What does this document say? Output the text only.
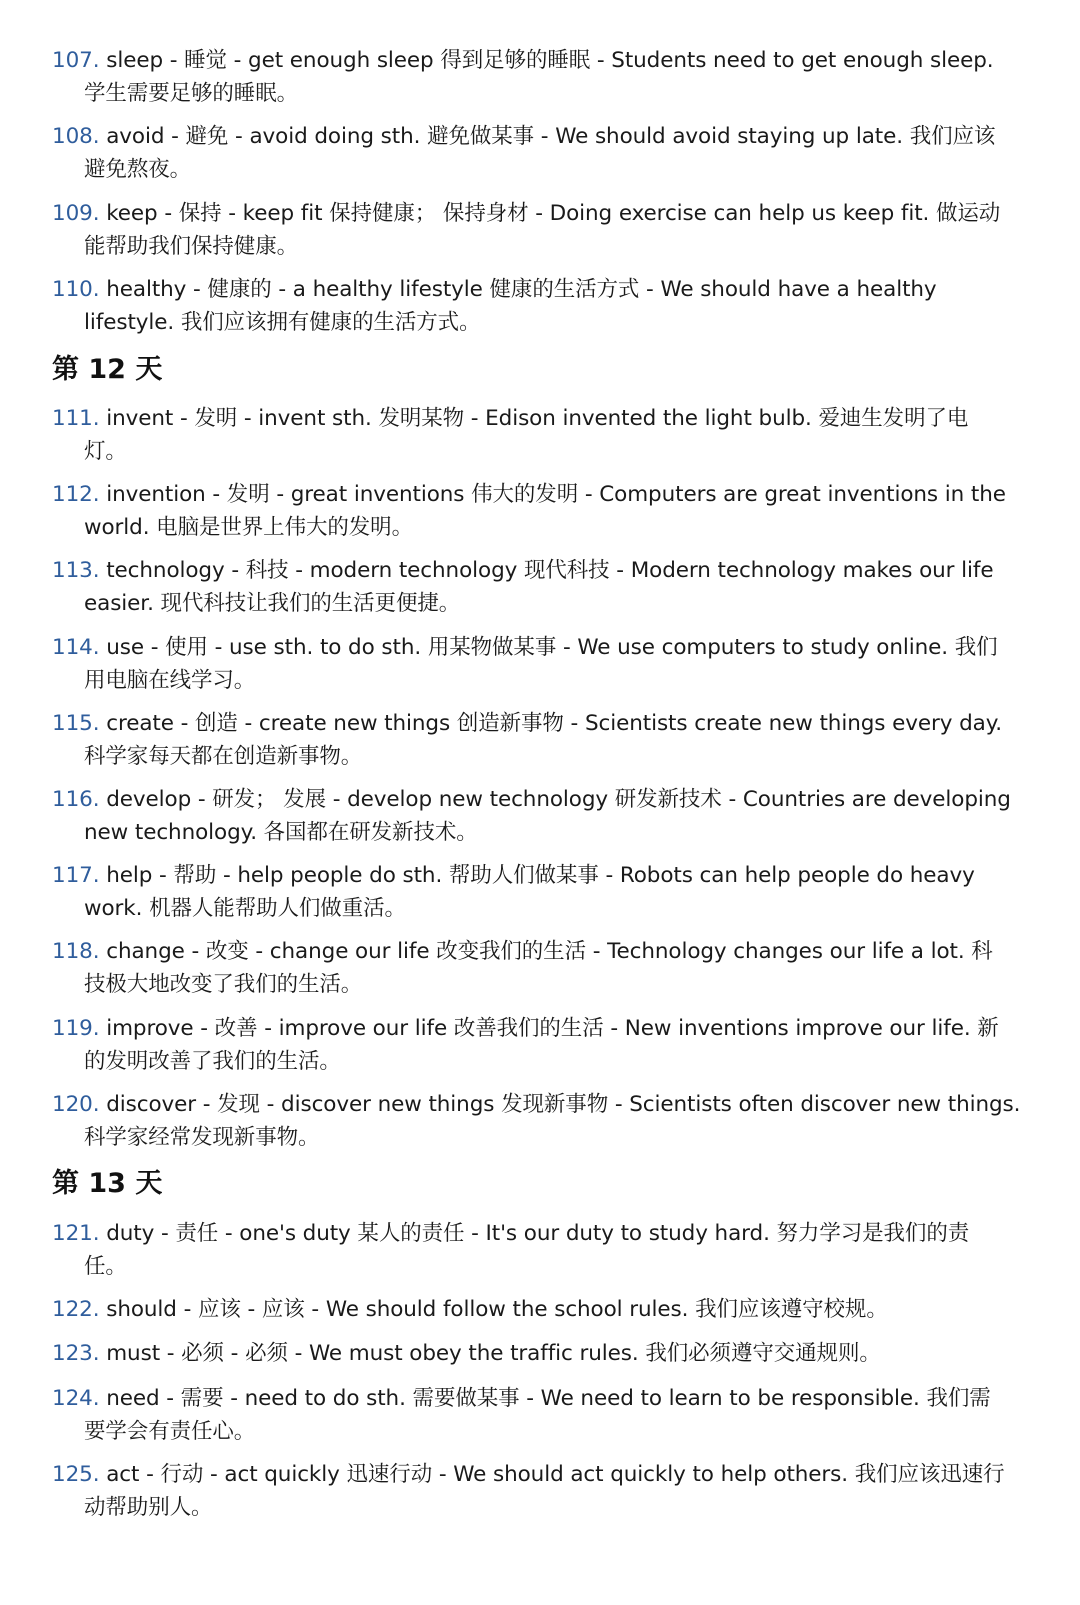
107. sleep - 睡觉 - get enough sleep 得到足够的睡眠 - Students need to get enough sleep.
学生需要足够的睡眠。
108. avoid - 避免 - avoid doing sth. 避免做某事 - We should avoid staying up late. 我们应该
避免熬夜。
109. keep - 保持 - keep fit 保持健康； 保持身材 - Doing exercise can help us keep fit. 做运动
能帮助我们保持健康。
110. healthy - 健康的 - a healthy lifestyle 健康的生活方式 - We should have a healthy
lifestyle. 我们应该拥有健康的生活方式。
第 12 天
111. invent - 发明 - invent sth. 发明某物 - Edison invented the light bulb. 爱迪生发明了电
灯。
112. invention - 发明 - great inventions 伟大的发明 - Computers are great inventions in the
world. 电脑是世界上伟大的发明。
113. technology - 科技 - modern technology 现代科技 - Modern technology makes our life
easier. 现代科技让我们的生活更便捷。
114. use - 使用 - use sth. to do sth. 用某物做某事 - We use computers to study online. 我们
用电脑在线学习。
115. create - 创造 - create new things 创造新事物 - Scientists create new things every day.
科学家每天都在创造新事物。
116. develop - 研发； 发展 - develop new technology 研发新技术 - Countries are developing
new technology. 各国都在研发新技术。
117. help - 帮助 - help people do sth. 帮助人们做某事 - Robots can help people do heavy
work. 机器人能帮助人们做重活。
118. change - 改变 - change our life 改变我们的生活 - Technology changes our life a lot. 科
技极大地改变了我们的生活。
119. improve - 改善 - improve our life 改善我们的生活 - New inventions improve our life. 新
的发明改善了我们的生活。
120. discover - 发现 - discover new things 发现新事物 - Scientists often discover new things.
科学家经常发现新事物。
第 13 天
121. duty - 责任 - one's duty 某人的责任 - It's our duty to study hard. 努力学习是我们的责
任。
122. should - 应该 - 应该 - We should follow the school rules. 我们应该遵守校规。
123. must - 必须 - 必须 - We must obey the traffic rules. 我们必须遵守交通规则。
124. need - 需要 - need to do sth. 需要做某事 - We need to learn to be responsible. 我们需
要学会有责任心。
125. act - 行动 - act quickly 迅速行动 - We should act quickly to help others. 我们应该迅速行
动帮助别人。
